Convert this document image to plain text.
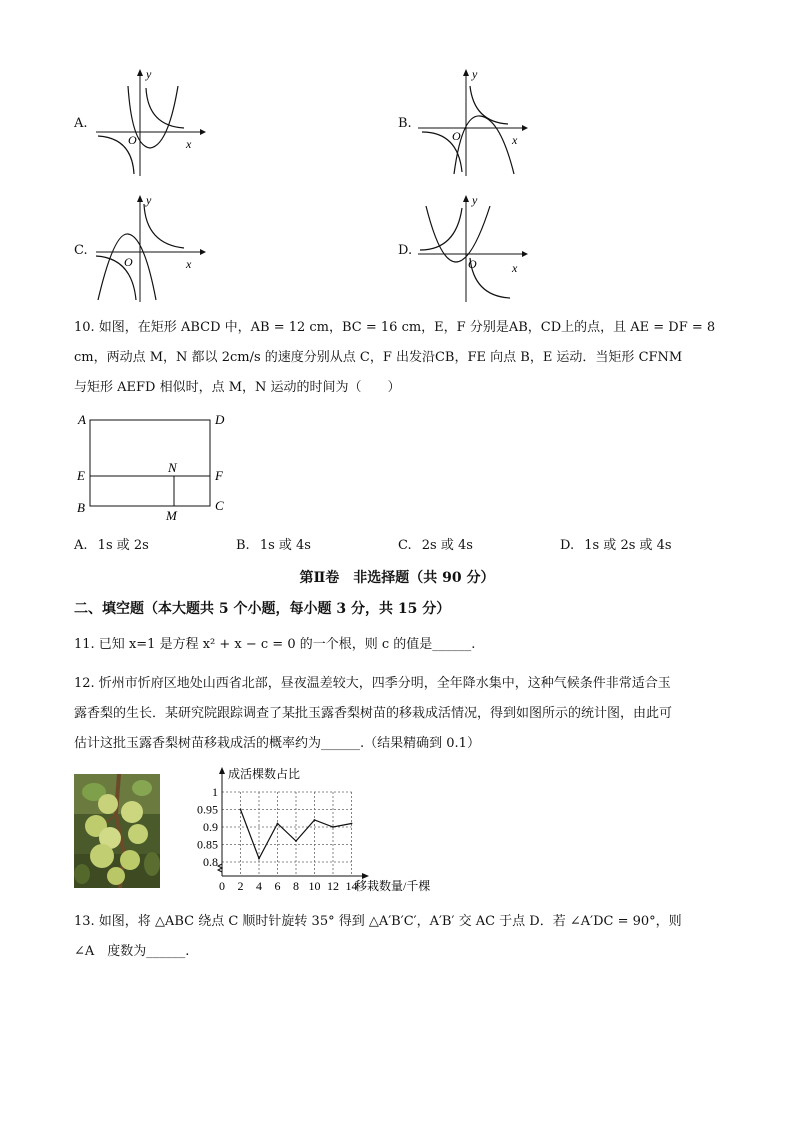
A.
y
x
O
B.
y
x
O
C.
y
x
O
D.
y
x
O
10. 如图，在矩形 ABCD 中，AB = 12 cm，BC = 16 cm，E，F 分别是AB，CD上的点，且 AE = DF = 8
cm，两动点 M，N 都以 2cm/s 的速度分别从点 C，F 出发沿CB，FE 向点 B，E 运动．当矩形 CFNM
与矩形 AEFD 相似时，点 M，N 运动的时间为（　　）
A	D
E	F
N
B	C
M
A. 1s 或 2s	B. 1s 或 4s	C. 2s 或 4s	D. 1s 或 2s 或 4s
第Ⅱ卷　非选择题（共 90 分）
二、填空题（本大题共 5 个小题，每小题 3 分，共 15 分）
11. 已知 x=1 是方程 x² + x − c = 0 的一个根，则 c 的值是______.
12. 忻州市忻府区地处山西省北部，昼夜温差较大，四季分明，全年降水集中，这种气候条件非常适合玉
露香梨的生长．某研究院跟踪调查了某批玉露香梨树苗的移栽成活情况，得到如图所示的统计图，由此可
估计这批玉露香梨树苗移栽成活的概率约为______.（结果精确到 0.1）
成活棵数占比
移栽数量/千棵
0 2 4 6 8 10 12 14
1
0.95
0.9
0.85
0.8
13. 如图，将 △ABC 绕点 C 顺时针旋转 35° 得到 △A′B′C′，A′B′ 交 AC 于点 D．若 ∠A′DC = 90°，则
∠A　度数为______.
